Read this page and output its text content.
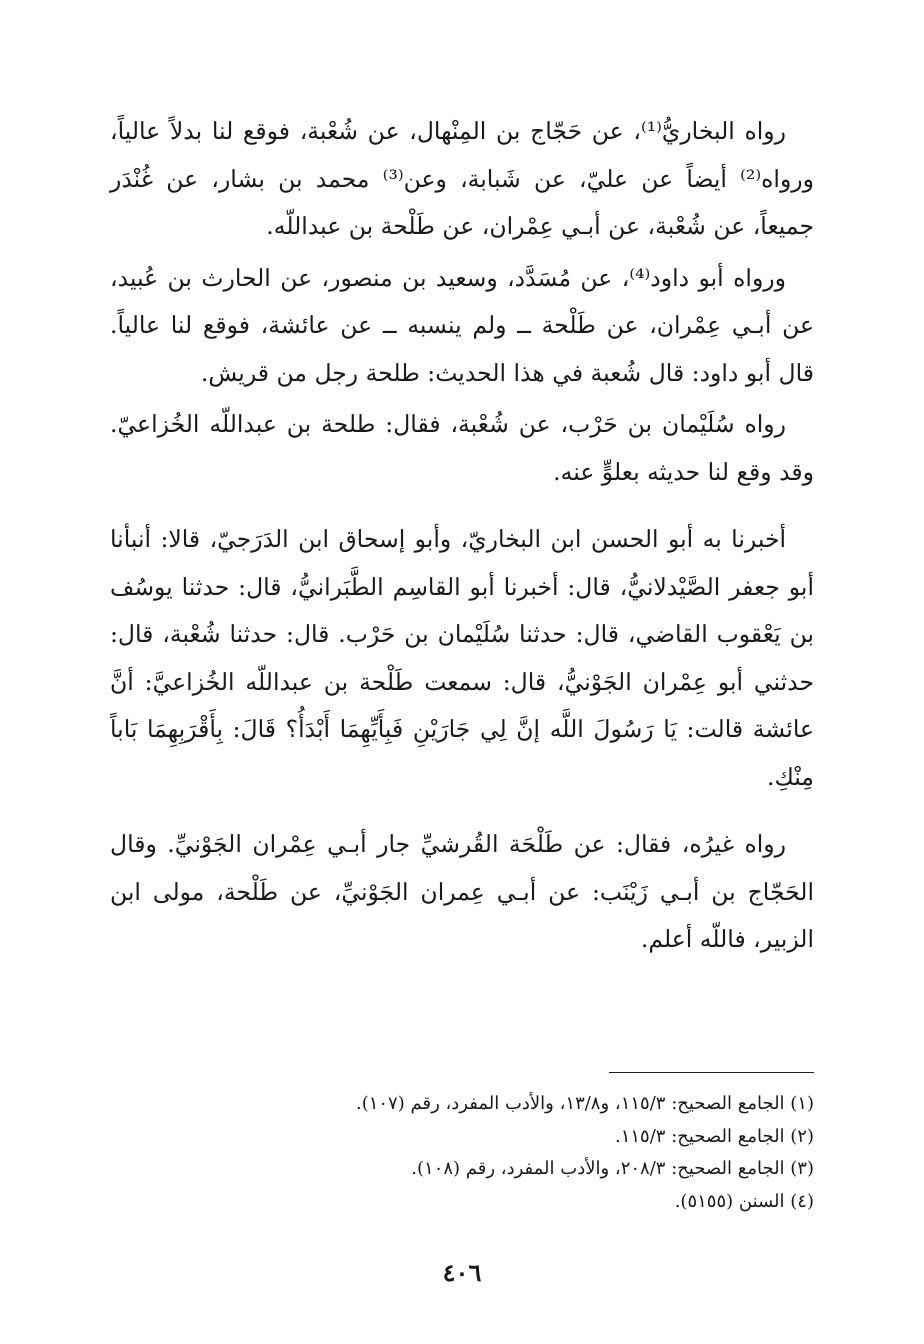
رواه البخاريُّ⁽¹⁾، عن حَجّاج بن المِنْهال، عن شُعْبة، فوقع لنا بدلاً عالياً، ورواه⁽²⁾ أيضاً عن عليّ، عن شَبابة، وعن⁽³⁾ محمد بن بشار، عن غُنْدَر جميعاً، عن شُعْبة، عن أبـي عِمْران، عن طَلْحة بن عبداللّه.

ورواه أبو داود⁽⁴⁾، عن مُسَدَّد، وسعيد بن منصور، عن الحارث بن عُبيد، عن أبـي عِمْران، عن طَلْحة ــ ولم ينسبه ــ عن عائشة، فوقع لنا عالياً. قال أبو داود: قال شُعبة في هذا الحديث: طلحة رجل من قريش.

رواه سُلَيْمان بن حَرْب، عن شُعْبة، فقال: طلحة بن عبداللّه الخُزاعيّ. وقد وقع لنا حديثه بعلوٍّ عنه.

أخبرنا به أبو الحسن ابن البخاريّ، وأبو إسحاق ابن الدَرَجيّ، قالا: أنبأنا أبو جعفر الصَّيْدلانيُّ، قال: أخبرنا أبو القاسِم الطَّبَرانيُّ، قال: حدثنا يوسُف بن يَعْقوب القاضي، قال: حدثنا سُلَيْمان بن حَرْب. قال: حدثنا شُعْبة، قال: حدثني أبو عِمْران الجَوْنيُّ، قال: سمعت طَلْحة بن عبداللّه الخُزاعيَّ: أنَّ عائشة قالت: يَا رَسُولَ اللَّه إنَّ لِي جَارَيْنِ فَبِأَيِّهِمَا أَبْدَأُ؟ قَالَ: بِأَقْرَبِهِمَا بَاباً مِنْكِ.

رواه غيرُه، فقال: عن طَلْحَة القُرشيِّ جار أبـي عِمْران الجَوْنيِّ. وقال الحَجّاج بن أبـي زَيْنَب: عن أبـي عِمران الجَوْنيِّ، عن طَلْحة، مولى ابن الزبير، فاللّه أعلم.

(١) الجامع الصحيح: ١١٥/٣، و١٣/٨، والأدب المفرد، رقم (١٠٧).

(٢) الجامع الصحيح: ١١٥/٣.

(٣) الجامع الصحيح: ٢٠٨/٣، والأدب المفرد، رقم (١٠٨).

(٤) السنن (٥١٥٥).

٤٠٦
